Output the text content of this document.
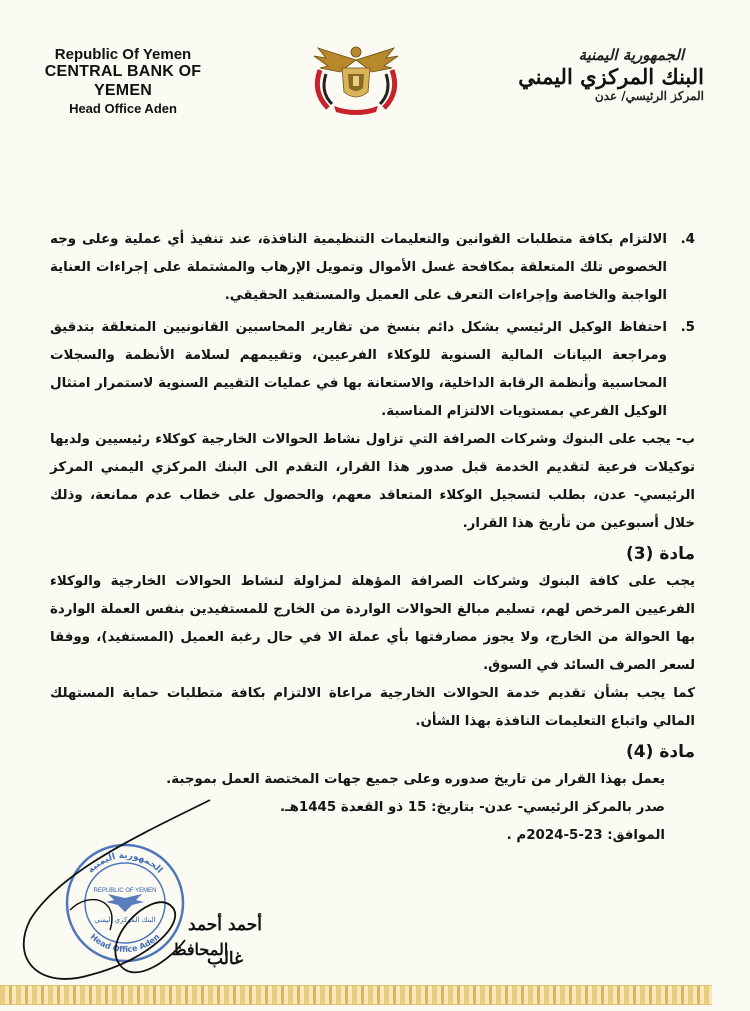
Republic Of Yemen
CENTRAL BANK OF YEMEN
Head Office Aden
الجمهورية اليمنية
البنك المركزي اليمني
المركز الرئيسي/ عدن
4.
الالتزام بكافة متطلبات القوانين والتعليمات التنظيمية النافذة، عند تنفيذ أي عملية وعلى وجه الخصوص تلك المتعلقة بمكافحة غسل الأموال وتمويل الإرهاب والمشتملة على إجراءات العناية الواجبة والخاصة وإجراءات التعرف على العميل والمستفيد الحقيقي.
5.
احتفاظ الوكيل الرئيسي بشكل دائم بنسخ من تقارير المحاسبين القانونيين المتعلقة بتدقيق ومراجعة البيانات المالية السنوية للوكلاء الفرعيين، وتقييمهم لسلامة الأنظمة والسجلات المحاسبية وأنظمة الرقابة الداخلية، والاستعانة بها في عمليات التقييم السنوية لاستمرار امتثال الوكيل الفرعي بمستويات الالتزام المناسبة.
ب- يجب على البنوك وشركات الصرافة التي تزاول نشاط الحوالات الخارجية كوكلاء رئيسيين ولديها توكيلات فرعية لتقديم الخدمة قبل صدور هذا القرار، التقدم الى البنك المركزي اليمني المركز الرئيسي- عدن، بطلب لتسجيل الوكلاء المتعاقد معهم، والحصول على خطاب عدم ممانعة، وذلك خلال أسبوعين من تأريخ هذا القرار.
مادة (3)
يجب على كافة البنوك وشركات الصرافة المؤهلة لمزاولة لنشاط الحوالات الخارجية والوكلاء الفرعيين المرخص لهم، تسليم مبالغ الحوالات الواردة من الخارج للمستفيدين بنفس العملة الواردة بها الحوالة من الخارج، ولا يجوز مصارفتها بأي عملة الا في حال رغبة العميل (المستفيد)، ووفقا لسعر الصرف السائد في السوق.
كما يجب بشأن تقديم خدمة الحوالات الخارجية مراعاة الالتزام بكافة متطلبات حماية المستهلك المالي واتباع التعليمات النافذة بهذا الشأن.
مادة (4)
يعمل بهذا القرار من تاريخ صدوره وعلى جميع جهات المختصة العمل بموجبة.
صدر بالمركز الرئيسي- عدن- بتاريخ: 15 ذو القعدة 1445هـ.
الموافق: 23-5-2024م .
الجمهورية اليمنية
Head Office Aden
REPUBLIC OF YEMEN
البنك المركزي اليمني	أحمد أحمد غالب
المحافظ
